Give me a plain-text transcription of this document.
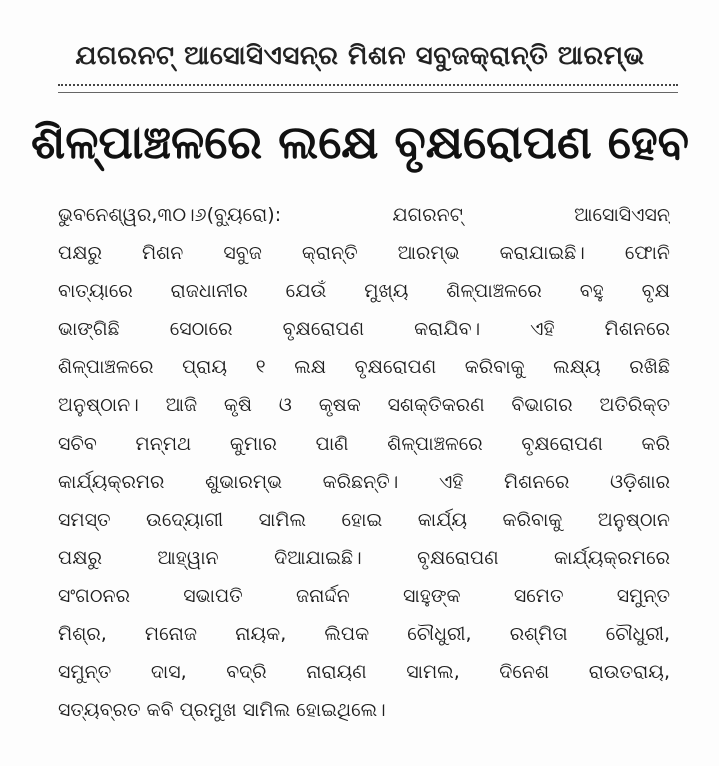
ଯଗରନଟ୍ ଆସୋସିଏସନ୍‌ର ମିଶନ ସବୁଜକ୍ରାନ୍ତି ଆରମ୍ଭ
ଶିଳ୍ପାଞ୍ଚଳରେ ଲକ୍ଷେ ବୃକ୍ଷରୋପଣ ହେବ
ଭୁବନେଶ୍ୱର,୩୦।୬(ବ୍ୟୁରୋ): ଯଗରନଟ୍ ଆସୋସିଏସନ୍
ପକ୍ଷରୁ ମିଶନ ସବୁଜ କ୍ରାନ୍ତି ଆରମ୍ଭ କରାଯାଇଛି। ଫୋନି
ବାତ୍ୟାରେ ରାଜଧାନୀର ଯେଉଁ ମୁଖ୍ୟ ଶିଳ୍ପାଞ୍ଚଳରେ ବହୁ ବୃକ୍ଷ
ଭାଙ୍ଗିଛି ସେଠାରେ ବୃକ୍ଷରୋପଣ କରାଯିବ। ଏହି ମିଶନରେ
ଶିଳ୍ପାଞ୍ଚଳରେ ପ୍ରାୟ ୧ ଲକ୍ଷ ବୃକ୍ଷରୋପଣ କରିବାକୁ ଲକ୍ଷ୍ୟ ରଖିଛି
ଅନୁଷ୍ଠାନ। ଆଜି କୃଷି ଓ କୃଷକ ସଶକ୍ତିକରଣ ବିଭାଗର ଅତିରିକ୍ତ
ସଚିବ ମନ୍ମଥ କୁମାର ପାଣି ଶିଳ୍ପାଞ୍ଚଳରେ ବୃକ୍ଷରୋପଣ କରି
କାର୍ଯ୍ୟକ୍ରମର ଶୁଭାରମ୍ଭ କରିଛନ୍ତି। ଏହି ମିଶନରେ ଓଡ଼ିଶାର
ସମସ୍ତ ଉଦ୍ୟୋଗୀ ସାମିଲ ହୋଇ କାର୍ଯ୍ୟ କରିବାକୁ ଅନୁଷ୍ଠାନ
ପକ୍ଷରୁ ଆହ୍ୱାନ ଦିଆଯାଇଛି। ବୃକ୍ଷରୋପଣ କାର୍ଯ୍ୟକ୍ରମରେ
ସଂଗଠନର ସଭାପତି ଜନାର୍ଦ୍ଦନ ସାହୁଙ୍କ ସମେତ ସମୁନ୍ତ
ମିଶ୍ର, ମନୋଜ ନାୟକ, ଲିପକ ଚୌଧୁରୀ, ରଶ୍ମିତା ଚୌଧୁରୀ,
ସମୁନ୍ତ ଦାସ, ବଦ୍ରି ନାରାୟଣ ସାମଲ, ଦିନେଶ ରାଉତରାୟ,
ସତ୍ୟବ୍ରତ କବି ପ୍ରମୁଖ ସାମିଲ ହୋଇଥିଲେ।
